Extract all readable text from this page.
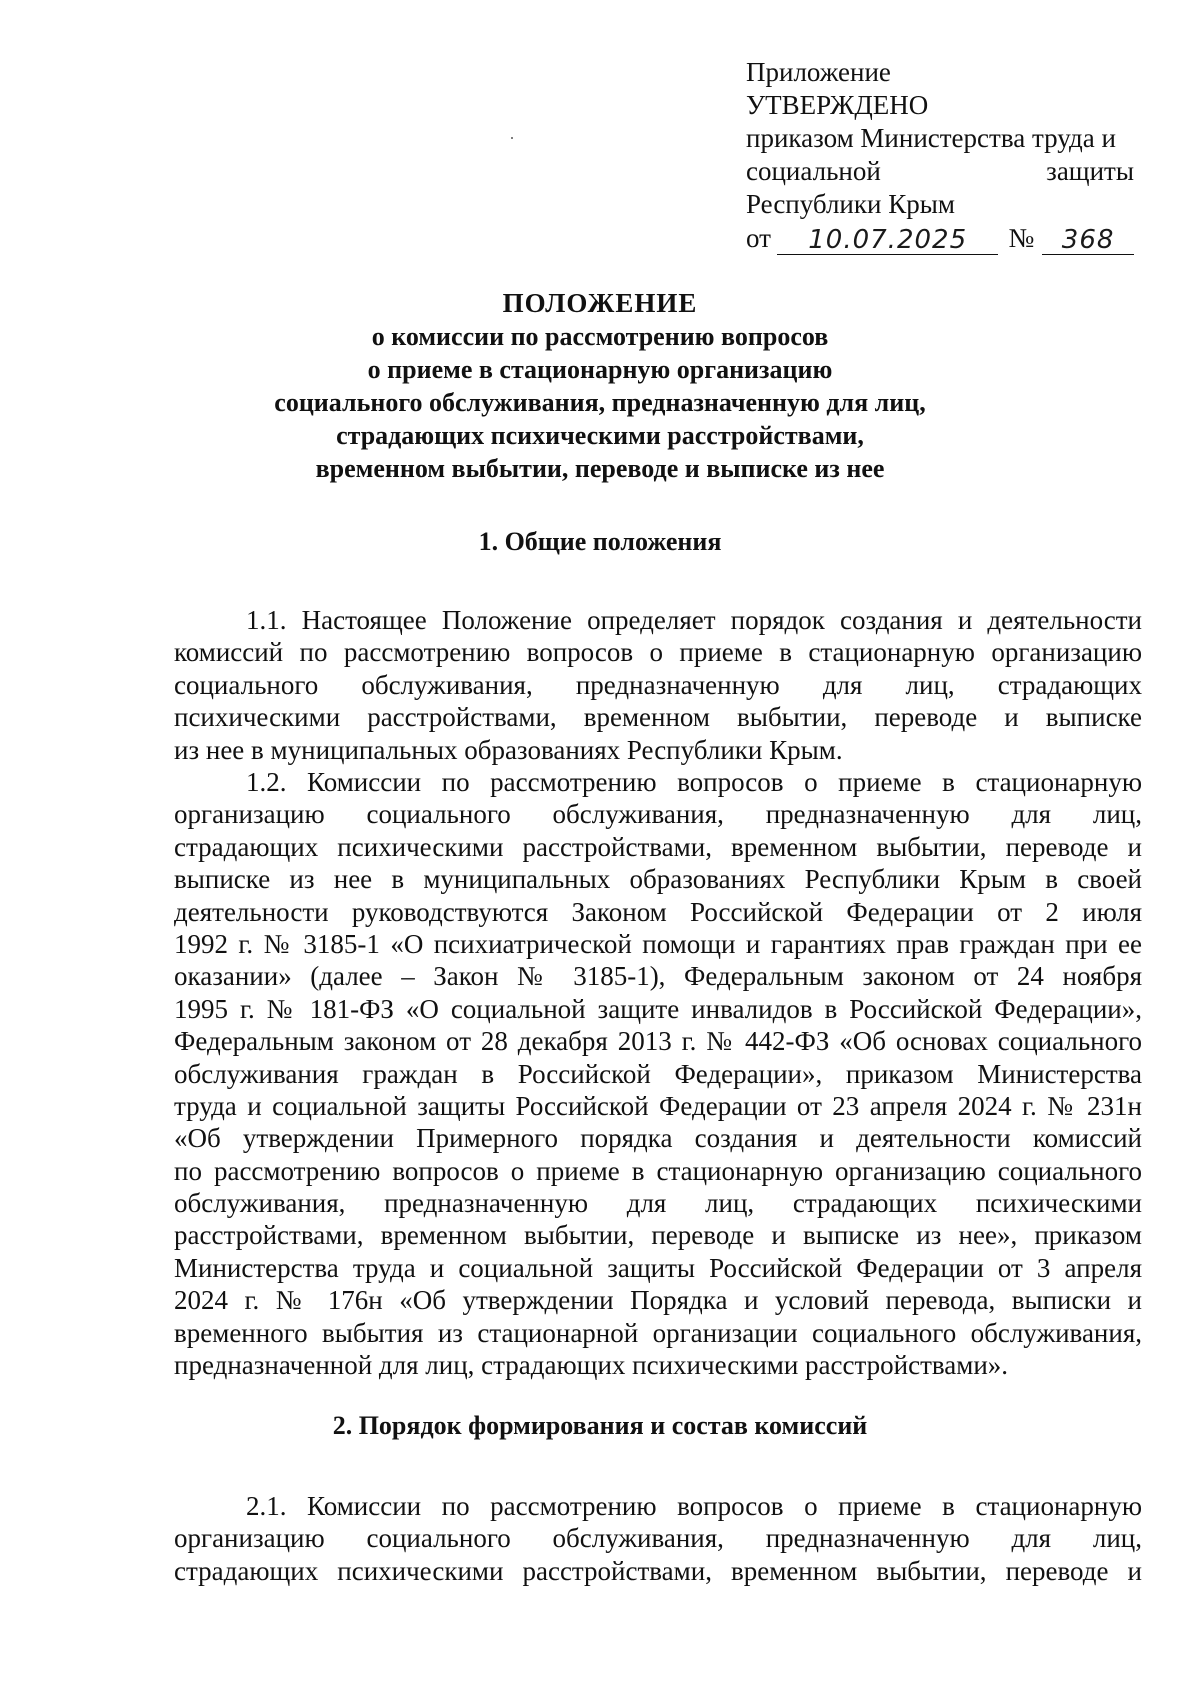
Приложение
УТВЕРЖДЕНО
приказом Министерства труда и
социальной	защиты
Республики Крым
от	10.07.2025	№	368
ПОЛОЖЕНИЕ
о комиссии по рассмотрению вопросов
о приеме в стационарную организацию
социального обслуживания, предназначенную для лиц,
страдающих психическими расстройствами,
временном выбытии, переводе и выписке из нее
1. Общие положения
1.1. Настоящее Положение определяет порядок создания и деятельности
комиссий по рассмотрению вопросов о приеме в стационарную организацию
социального обслуживания, предназначенную для лиц, страдающих
психическими расстройствами, временном выбытии, переводе и выписке
из нее в муниципальных образованиях Республики Крым.
1.2. Комиссии по рассмотрению вопросов о приеме в стационарную
организацию социального обслуживания, предназначенную для лиц,
страдающих психическими расстройствами, временном выбытии, переводе и
выписке из нее в муниципальных образованиях Республики Крым в своей
деятельности руководствуются Законом Российской Федерации от 2 июля
1992 г. № 3185-1 «О психиатрической помощи и гарантиях прав граждан при ее
оказании» (далее – Закон № 3185-1), Федеральным законом от 24 ноября
1995 г. № 181-ФЗ «О социальной защите инвалидов в Российской Федерации»,
Федеральным законом от 28 декабря 2013 г. № 442-ФЗ «Об основах социального
обслуживания граждан в Российской Федерации», приказом Министерства
труда и социальной защиты Российской Федерации от 23 апреля 2024 г. № 231н
«Об утверждении Примерного порядка создания и деятельности комиссий
по рассмотрению вопросов о приеме в стационарную организацию социального
обслуживания, предназначенную для лиц, страдающих психическими
расстройствами, временном выбытии, переводе и выписке из нее», приказом
Министерства труда и социальной защиты Российской Федерации от 3 апреля
2024 г. № 176н «Об утверждении Порядка и условий перевода, выписки и
временного выбытия из стационарной организации социального обслуживания,
предназначенной для лиц, страдающих психическими расстройствами».
2. Порядок формирования и состав комиссий
2.1. Комиссии по рассмотрению вопросов о приеме в стационарную
организацию социального обслуживания, предназначенную для лиц,
страдающих психическими расстройствами, временном выбытии, переводе и
